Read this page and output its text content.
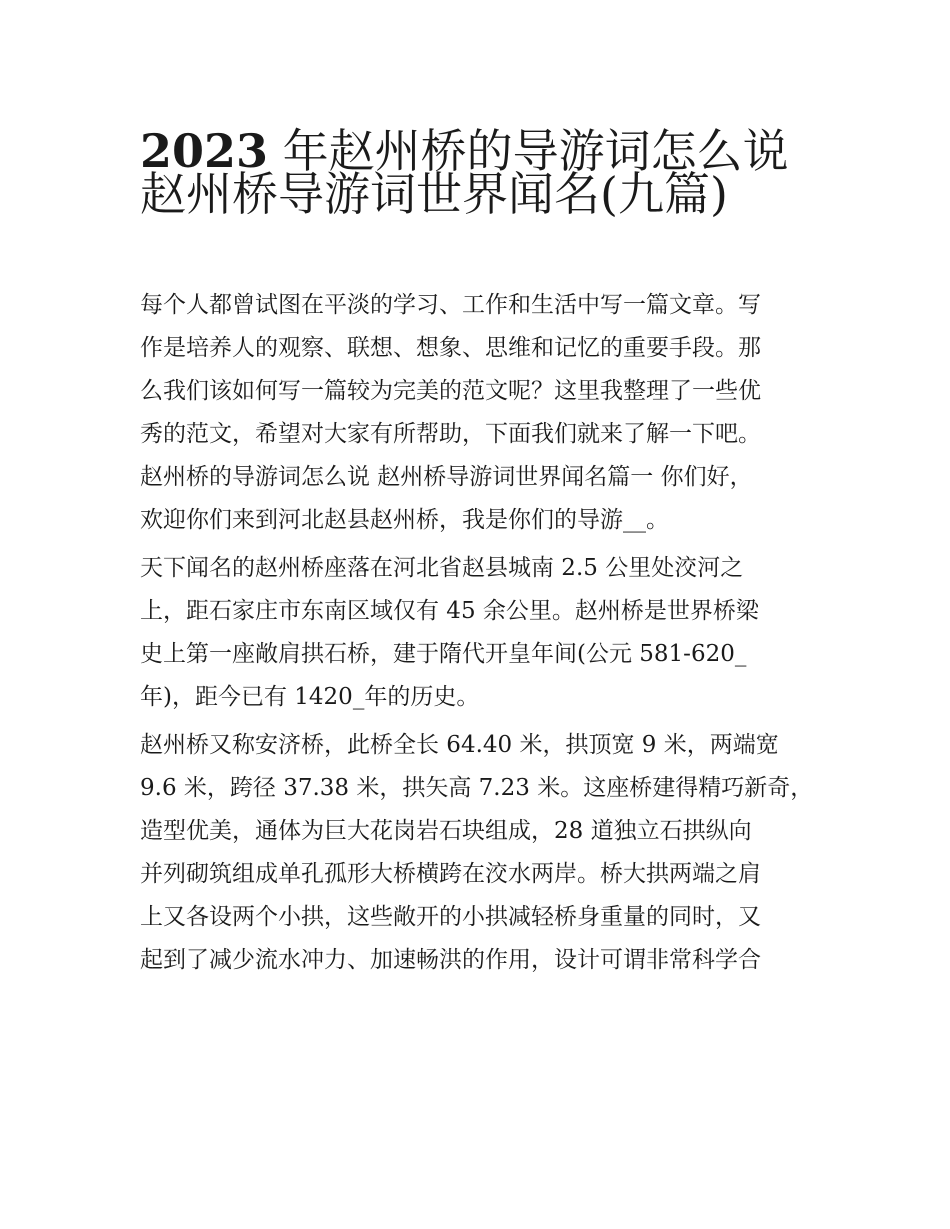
2023 年赵州桥的导游词怎么说
赵州桥导游词世界闻名(九篇)
每个人都曾试图在平淡的学习、工作和生活中写一篇文章。写
作是培养人的观察、联想、想象、思维和记忆的重要手段。那
么我们该如何写一篇较为完美的范文呢？这里我整理了一些优
秀的范文，希望对大家有所帮助，下面我们就来了解一下吧。
赵州桥的导游词怎么说 赵州桥导游词世界闻名篇一 你们好，
欢迎你们来到河北赵县赵州桥，我是你们的导游__。
天下闻名的赵州桥座落在河北省赵县城南 2.5 公里处洨河之
上，距石家庄市东南区域仅有 45 余公里。赵州桥是世界桥梁
史上第一座敞肩拱石桥，建于隋代开皇年间(公元 581-620_
年)，距今已有 1420_年的历史。
赵州桥又称安济桥，此桥全长 64.40 米，拱顶宽 9 米，两端宽
9.6 米，跨径 37.38 米，拱矢高 7.23 米。这座桥建得精巧新奇，
造型优美，通体为巨大花岗岩石块组成，28 道独立石拱纵向
并列砌筑组成单孔孤形大桥横跨在洨水两岸。桥大拱两端之肩
上又各设两个小拱，这些敞开的小拱减轻桥身重量的同时，又
起到了减少流水冲力、加速畅洪的作用，设计可谓非常科学合
